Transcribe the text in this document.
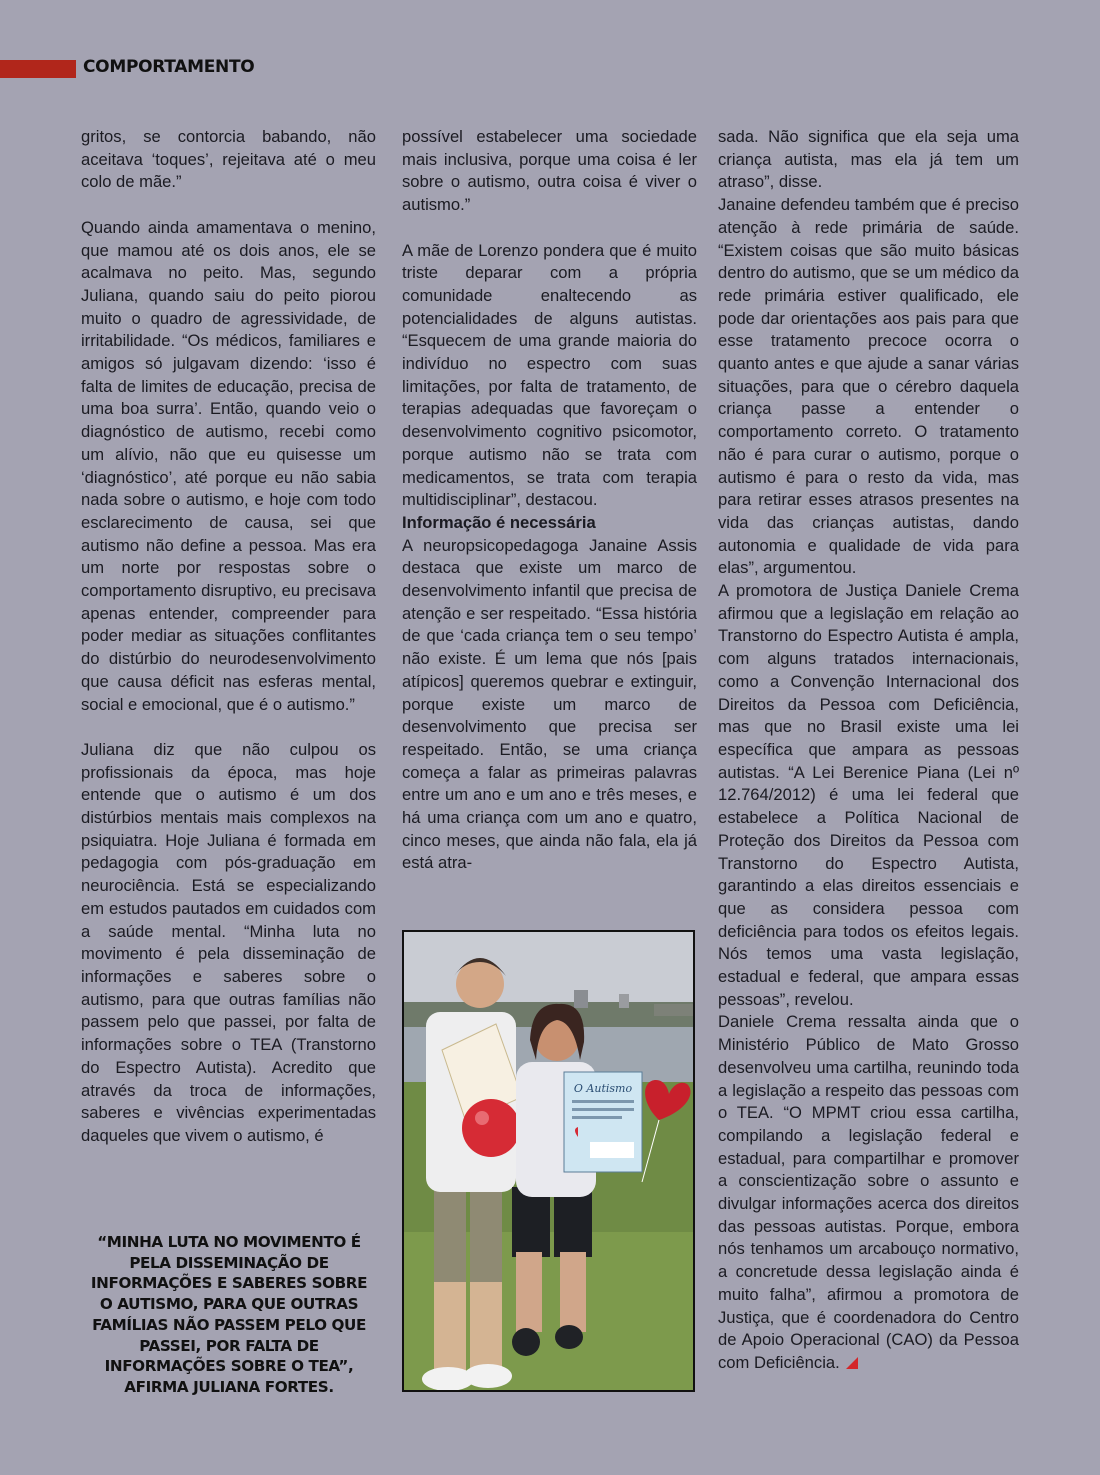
COMPORTAMENTO

gritos, se contorcia babando, não aceitava ‘toques’, rejeitava até o meu colo de mãe.”

Quando ainda amamentava o menino, que mamou até os dois anos, ele se acalmava no peito. Mas, segundo Juliana, quando saiu do peito piorou muito o quadro de agressividade, de irritabilidade. “Os médicos, familiares e amigos só julgavam dizendo: ‘isso é falta de limites de educação, precisa de uma boa surra’. Então, quando veio o diagnóstico de autismo, recebi como um alívio, não que eu quisesse um ‘diagnóstico’, até porque eu não sabia nada sobre o autismo, e hoje com todo esclarecimento de causa, sei que autismo não define a pessoa. Mas era um norte por respostas sobre o comportamento disruptivo, eu precisava apenas entender, compreender para poder mediar as situações conflitantes do distúrbio do neurodesenvolvimento que causa déficit nas esferas mental, social e emocional, que é o autismo.”

Juliana diz que não culpou os profissionais da época, mas hoje entende que o autismo é um dos distúrbios mentais mais complexos na psiquiatra. Hoje Juliana é formada em pedagogia com pós-graduação em neurociência. Está se especializando em estudos pautados em cuidados com a saúde mental. “Minha luta no movimento é pela disseminação de informações e saberes sobre o autismo, para que outras famílias não passem pelo que passei, por falta de informações sobre o TEA (Transtorno do Espectro Autista). Acredito que através da troca de informações, saberes e vivências experimentadas daqueles que vivem o autismo, é

possível estabelecer uma sociedade mais inclusiva, porque uma coisa é ler sobre o autismo, outra coisa é viver o autismo.”

A mãe de Lorenzo pondera que é muito triste deparar com a própria comunidade enaltecendo as potencialidades de alguns autistas. “Esquecem de uma grande maioria do indivíduo no espectro com suas limitações, por falta de tratamento, de terapias adequadas que favoreçam o desenvolvimento cognitivo psicomotor, porque autismo não se trata com medicamentos, se trata com terapia multidisciplinar”, destacou.

Informação é necessária

A neuropsicopedagoga Janaine Assis destaca que existe um marco de desenvolvimento infantil que precisa de atenção e ser respeitado. “Essa história de que ‘cada criança tem o seu tempo’ não existe. É um lema que nós [pais atípicos] queremos quebrar e extinguir, porque existe um marco de desenvolvimento que precisa ser respeitado. Então, se uma criança começa a falar as primeiras palavras entre um ano e um ano e três meses, e há uma criança com um ano e quatro, cinco meses, que ainda não fala, ela já está atra-

sada. Não significa que ela seja uma criança autista, mas ela já tem um atraso”, disse.

Janaine defendeu também que é preciso atenção à rede primária de saúde. “Existem coisas que são muito básicas dentro do autismo, que se um médico da rede primária estiver qualificado, ele pode dar orientações aos pais para que esse tratamento precoce ocorra o quanto antes e que ajude a sanar várias situações, para que o cérebro daquela criança passe a entender o comportamento correto. O tratamento não é para curar o autismo, porque o autismo é para o resto da vida, mas para retirar esses atrasos presentes na vida das crianças autistas, dando autonomia e qualidade de vida para elas”, argumentou.

A promotora de Justiça Daniele Crema afirmou que a legislação em relação ao Transtorno do Espectro Autista é ampla, com alguns tratados internacionais, como a Convenção Internacional dos Direitos da Pessoa com Deficiência, mas que no Brasil existe uma lei específica que ampara as pessoas autistas. “A Lei Berenice Piana (Lei nº 12.764/2012) é uma lei federal que estabelece a Política Nacional de Proteção dos Direitos da Pessoa com Transtorno do Espectro Autista, garantindo a elas direitos essenciais e que as considera pessoa com deficiência para todos os efeitos legais. Nós temos uma vasta legislação, estadual e federal, que ampara essas pessoas”, revelou.

Daniele Crema ressalta ainda que o Ministério Público de Mato Grosso desenvolveu uma cartilha, reunindo toda a legislação a respeito das pessoas com o TEA. “O MPMT criou essa cartilha, compilando a legislação federal e estadual, para compartilhar e promover a conscientização sobre o assunto e divulgar informações acerca dos direitos das pessoas autistas. Porque, embora nós tenhamos um arcabouço normativo, a concretude dessa legislação ainda é muito falha”, afirmou a promotora de Justiça, que é coordenadora do Centro de Apoio Operacional (CAO) da Pessoa com Deficiência.

“MINHA LUTA NO MOVIMENTO É PELA DISSEMINAÇÃO DE INFORMAÇÕES E SABERES SOBRE O AUTISMO, PARA QUE OUTRAS FAMÍLIAS NÃO PASSEM PELO QUE PASSEI, POR FALTA DE INFORMAÇÕES SOBRE O TEA”, AFIRMA JULIANA FORTES.
O Autismo
